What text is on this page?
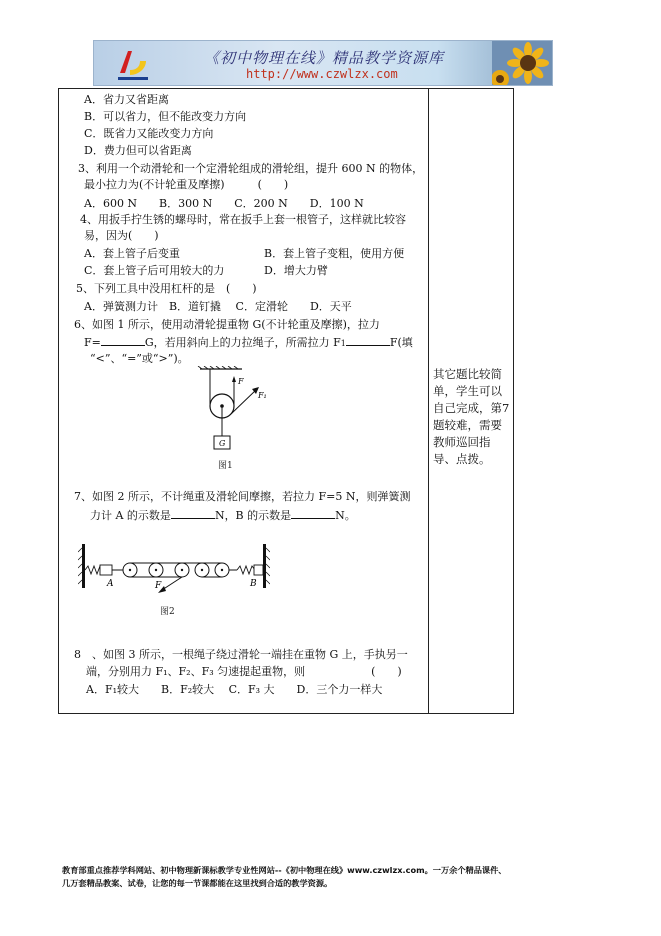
《初中物理在线》精品教学资源库
http://www.czwlzx.com
A．省力又省距离
B．可以省力，但不能改变力方向
C．既省力又能改变力方向
D．费力但可以省距离
3、利用一个动滑轮和一个定滑轮组成的滑轮组，提升 600 N 的物体，
最小拉力为(不计轮重及摩擦)　　　(　　)
A．600 N　　B．300 N　　C．200 N　　D．100 N
4、用扳手拧生锈的螺母时，常在扳手上套一根管子，这样就比较容
易，因为(　　)
A．套上管子后变重	B．套上管子变粗，使用方便
C．套上管子后可用较大的力	D．增大力臂
5、下列工具中没用杠杆的是　(　　)
A．弹簧测力计　B．道钉撬　 C．定滑轮　　D．天平
6、如图 1 所示，使用动滑轮提重物 G(不计轮重及摩擦)，拉力
F=	G，若用斜向上的力拉绳子，所需拉力 F1	F(填
“<”、“=”或“>”)。
F
F₁
G
图1
7、如图 2 所示，不计绳重及滑轮间摩擦，若拉力 F=5 N，则弹簧测
力计 A 的示数是	N，B 的示数是	N。
A	B
F
图2
8　、如图 3 所示，一根绳子绕过滑轮一端挂在重物 G 上，手执另一
端，分别用力 F₁、F₂、F₃ 匀速提起重物，则　　　　　　(　　)
A．F₁较大　　B．F₂较大　 C．F₃ 大　　D．三个力一样大
其它题比较简单，学生可以自己完成，第7题较难，需要教师巡回指导、点拨。
教育部重点推荐学科网站、初中物理新课标教学专业性网站--《初中物理在线》www.czwlzx.com。一万余个精品课件、
几万套精品教案、试卷，让您的每一节课都能在这里找到合适的教学资源。
